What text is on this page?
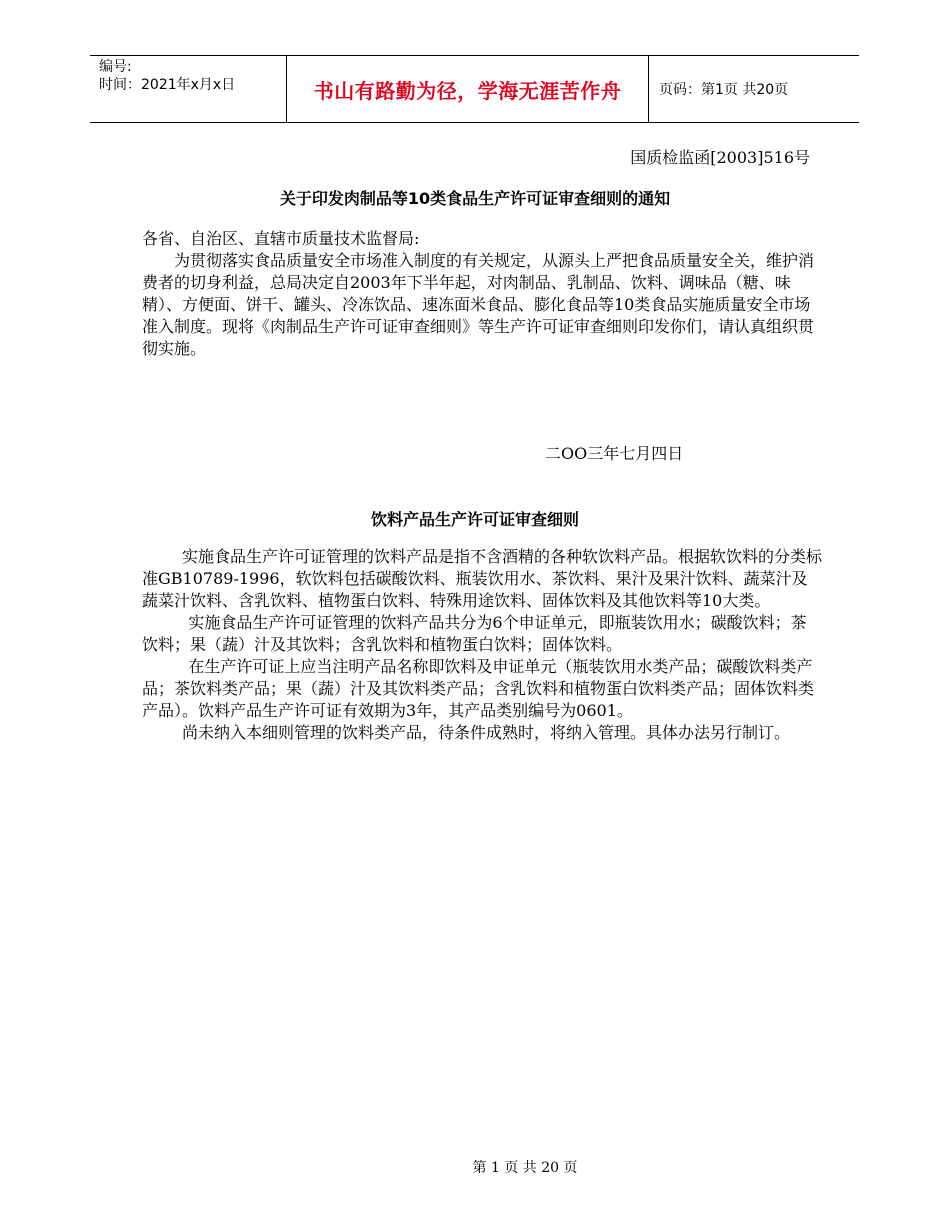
编号:
时间：2021年x月x日	书山有路勤为径，学海无涯苦作舟	页码：第1页 共20页
国质检监函[2003]516号
关于印发肉制品等10类食品生产许可证审查细则的通知
各省、自治区、直辖市质量技术监督局:
为贯彻落实食品质量安全市场准入制度的有关规定，从源头上严把食品质量安全关，维护消费者的切身利益，总局决定自2003年下半年起，对肉制品、乳制品、饮料、调味品（糖、味精）、方便面、饼干、罐头、冷冻饮品、速冻面米食品、膨化食品等10类食品实施质量安全市场准入制度。现将《肉制品生产许可证审查细则》等生产许可证审查细则印发你们，请认真组织贯彻实施。
二OO三年七月四日
饮料产品生产许可证审查细则

实施食品生产许可证管理的饮料产品是指不含酒精的各种软饮料产品。根据软饮料的分类标准GB10789-1996，软饮料包括碳酸饮料、瓶装饮用水、茶饮料、果汁及果汁饮料、蔬菜汁及蔬菜汁饮料、含乳饮料、植物蛋白饮料、特殊用途饮料、固体饮料及其他饮料等10大类。

实施食品生产许可证管理的饮料产品共分为6个申证单元，即瓶装饮用水；碳酸饮料；茶饮料；果（蔬）汁及其饮料；含乳饮料和植物蛋白饮料；固体饮料。

在生产许可证上应当注明产品名称即饮料及申证单元（瓶装饮用水类产品；碳酸饮料类产品；茶饮料类产品；果（蔬）汁及其饮料类产品；含乳饮料和植物蛋白饮料类产品；固体饮料类产品）。饮料产品生产许可证有效期为3年，其产品类别编号为0601。

尚未纳入本细则管理的饮料类产品，待条件成熟时，将纳入管理。具体办法另行制订。

第 1 页 共 20 页
